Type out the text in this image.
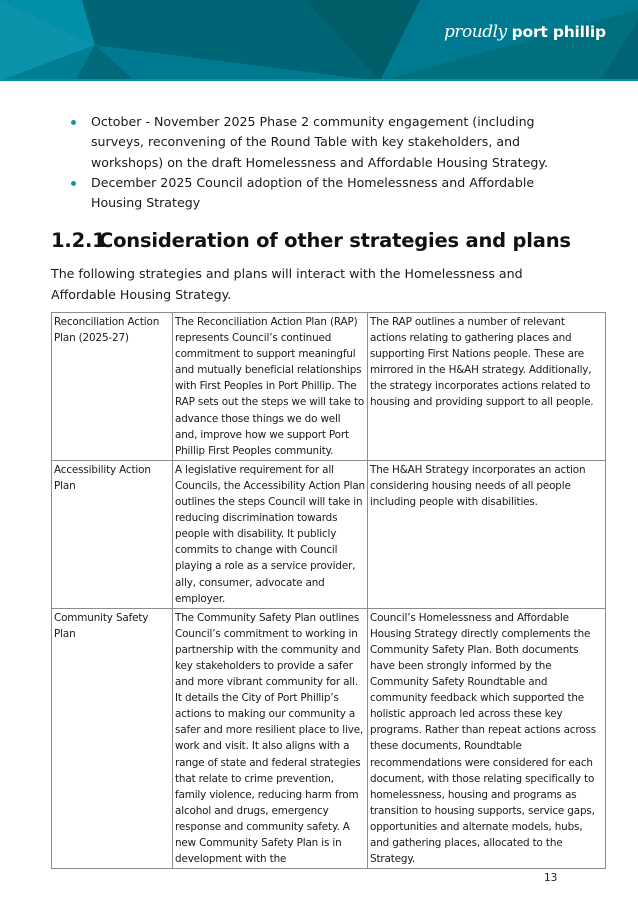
proudly port phillip
October - November 2025 Phase 2 community engagement (including surveys, reconvening of the Round Table with key stakeholders, and workshops) on the draft Homelessness and Affordable Housing Strategy.
December 2025 Council adoption of the Homelessness and Affordable Housing Strategy
1.2.1Consideration of other strategies and plans

The following strategies and plans will interact with the Homelessness and Affordable Housing Strategy.

Reconciliation Action Plan (2025-27)	The Reconciliation Action Plan (RAP) represents Council’s continued commitment to support meaningful and mutually beneficial relationships with First Peoples in Port Phillip. The RAP sets out the steps we will take to advance those things we do well and, improve how we support Port Phillip First Peoples community.	The RAP outlines a number of relevant actions relating to gathering places and supporting First Nations people. These are mirrored in the H&AH strategy. Additionally, the strategy incorporates actions related to housing and providing support to all people.
Accessibility Action Plan	A legislative requirement for all Councils, the Accessibility Action Plan outlines the steps Council will take in reducing discrimination towards people with disability. It publicly commits to change with Council playing a role as a service provider, ally, consumer, advocate and employer.	The H&AH Strategy incorporates an action considering housing needs of all people including people with disabilities.
Community Safety Plan	The Community Safety Plan outlines Council’s commitment to working in partnership with the community and key stakeholders to provide a safer and more vibrant community for all. It details the City of Port Phillip’s actions to making our community a safer and more resilient place to live, work and visit. It also aligns with a range of state and federal strategies that relate to crime prevention, family violence, reducing harm from alcohol and drugs, emergency response and community safety. A new Community Safety Plan is in development with the	Council’s Homelessness and Affordable Housing Strategy directly complements the Community Safety Plan. Both documents have been strongly informed by the Community Safety Roundtable and community feedback which supported the holistic approach led across these key programs. Rather than repeat actions across these documents, Roundtable recommendations were considered for each document, with those relating specifically to homelessness, housing and programs as transition to housing supports, service gaps, opportunities and alternate models, hubs, and gathering places, allocated to the Strategy.
13
